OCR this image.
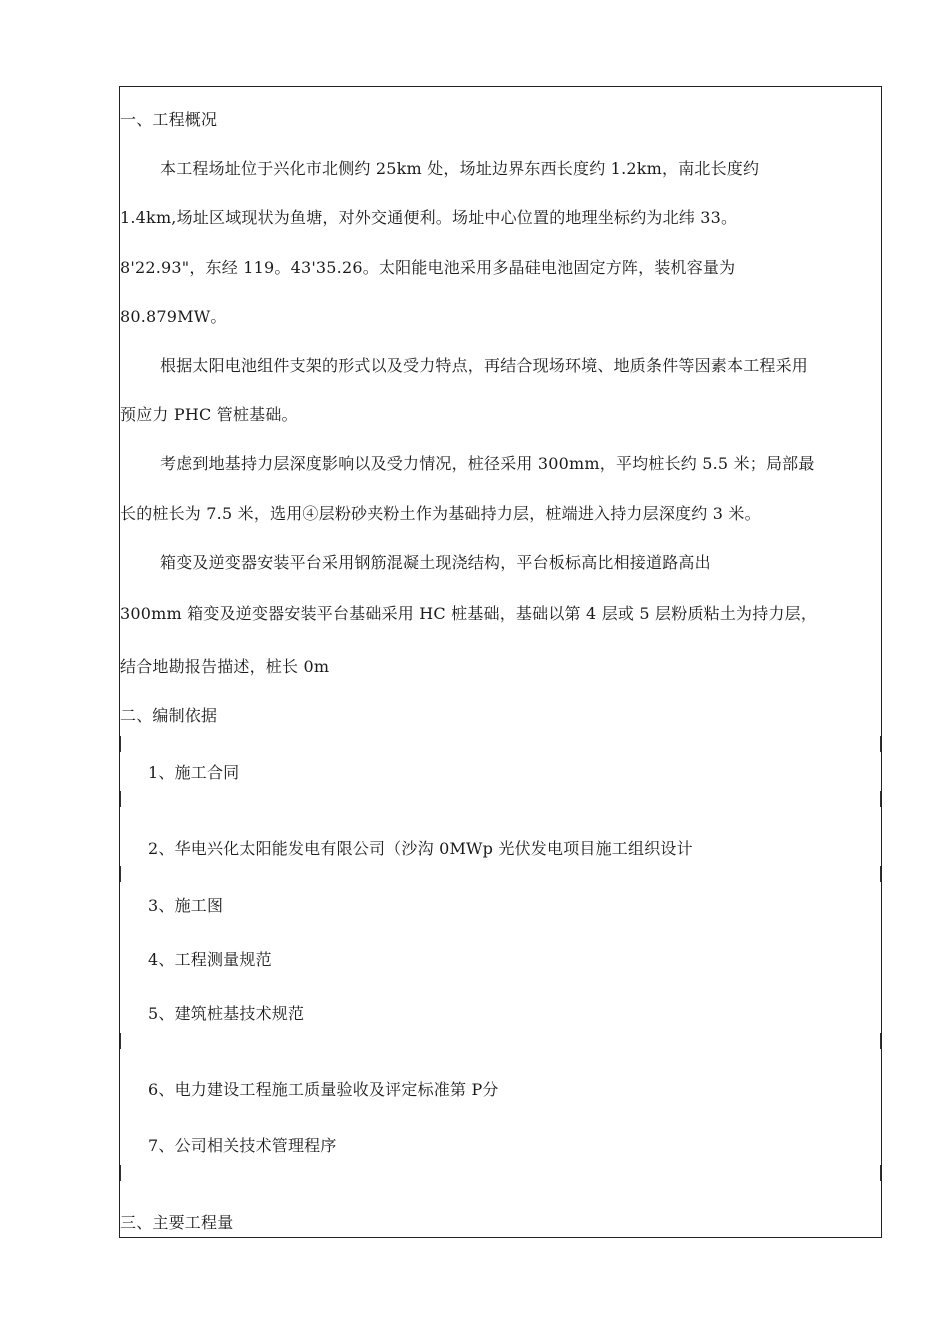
一、工程概况
本工程场址位于兴化市北侧约 25km 处，场址边界东西长度约 1.2km，南北长度约
1.4km,场址区域现状为鱼塘，对外交通便利。场址中心位置的地理坐标约为北纬 33。
8'22.93"，东经 119。43'35.26。太阳能电池采用多晶硅电池固定方阵，装机容量为
80.879MW。
根据太阳电池组件支架的形式以及受力特点，再结合现场环境、地质条件等因素本工程采用
预应力 PHC 管桩基础。
考虑到地基持力层深度影响以及受力情况，桩径采用 300mm，平均桩长约 5.5 米；局部最
长的桩长为 7.5 米，选用④层粉砂夹粉土作为基础持力层，桩端进入持力层深度约 3 米。
箱变及逆变器安装平台采用钢筋混凝土现浇结构，平台板标高比相接道路高出
300mm 箱变及逆变器安装平台基础采用 HC 桩基础，基础以第 4 层或 5 层粉质粘土为持力层，
结合地勘报告描述，桩长 0m
二、编制依据
1、施工合同
2、华电兴化太阳能发电有限公司（沙沟 0MWp 光伏发电项目施工组织设计
3、施工图
4、工程测量规范
5、建筑桩基技术规范
6、电力建设工程施工质量验收及评定标准第 P分
7、公司相关技术管理程序
三、主要工程量
